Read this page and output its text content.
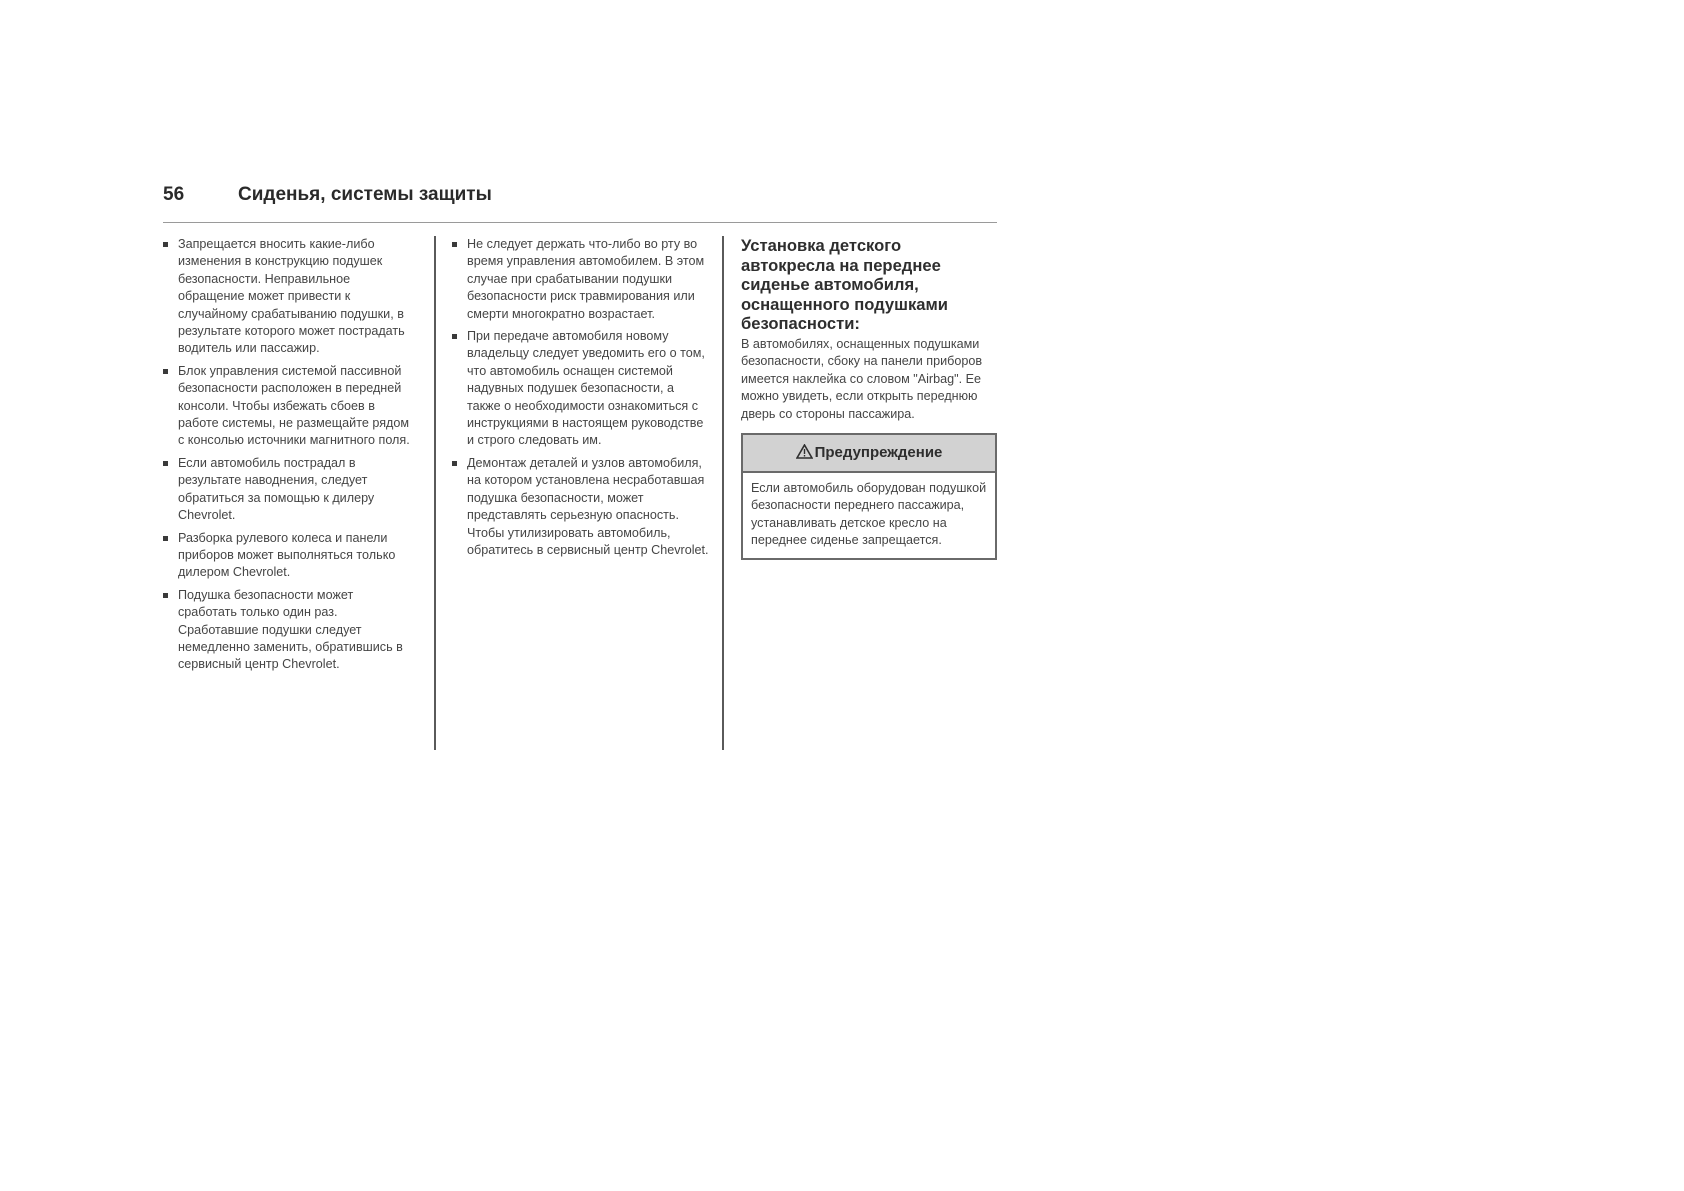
56	Сиденья, системы защиты
Запрещается вносить какие-либо изменения в конструкцию подушек безопасности. Неправильное обращение может привести к случайному срабатыванию подушки, в результате которого может пострадать водитель или пассажир.
Блок управления системой пассивной безопасности расположен в передней консоли. Чтобы избежать сбоев в работе системы, не размещайте рядом с консолью источники магнитного поля.
Если автомобиль пострадал в результате наводнения, следует обратиться за помощью к дилеру Chevrolet.
Разборка рулевого колеса и панели приборов может выполняться только дилером Chevrolet.
Подушка безопасности может сработать только один раз. Сработавшие подушки следует немедленно заменить, обратившись в сервисный центр Chevrolet.
Не следует держать что-либо во рту во время управления автомобилем. В этом случае при срабатывании подушки безопасности риск травмирования или смерти многократно возрастает.
При передаче автомобиля новому владельцу следует уведомить его о том, что автомобиль оснащен системой надувных подушек безопасности, а также о необходимости ознакомиться с инструкциями в настоящем руководстве и строго следовать им.
Демонтаж деталей и узлов автомобиля, на котором установлена несработавшая подушка безопасности, может представлять серьезную опасность. Чтобы утилизировать автомобиль, обратитесь в сервисный центр Chevrolet.
Установка детского автокресла на переднее сиденье автомобиля, оснащенного подушками безопасности:

В автомобилях, оснащенных подушками безопасности, сбоку на панели приборов имеется наклейка со словом "Airbag". Ее можно увидеть, если открыть переднюю дверь со стороны пассажира.

Предупреждение
Если автомобиль оборудован подушкой безопасности переднего пассажира, устанавливать детское кресло на переднее сиденье запрещается.
